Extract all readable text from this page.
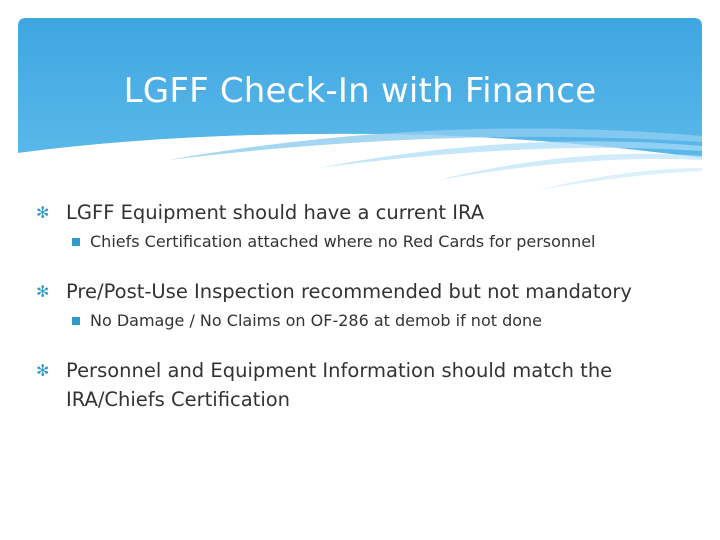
LGFF Check-In with Finance
✻ LGFF Equipment should have a current IRA
Chiefs Certification attached where no Red Cards for personnel
✻ Pre/Post-Use Inspection recommended but not mandatory
No Damage / No Claims on OF-286 at demob if not done
✻ Personnel and Equipment Information should match the IRA/Chiefs Certification
